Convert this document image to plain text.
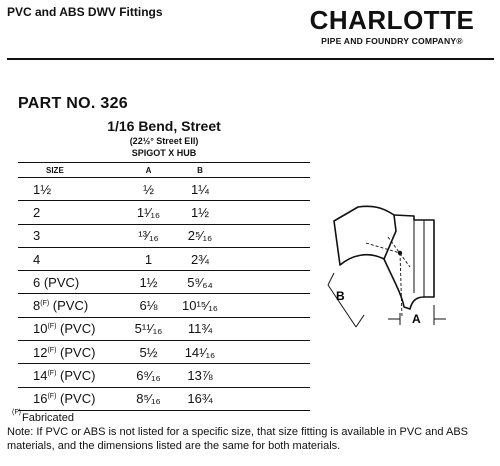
PVC and ABS DWV Fittings	CHARLOTTE
PIPE AND FOUNDRY COMPANY®
PART NO. 326
1/16 Bend, Street
(22½° Street Ell)
SPIGOT X HUB
SIZE	A	B
1½	½	1¼
2	1¹⁄₁₆	1½
3	¹³⁄₁₆	2⁵⁄₁₆
4	1	2¾
6 (PVC)	1½	5⁹⁄₆₄
$8^{(F)}$ (PVC)	6⅛	10¹⁵⁄₁₆
$10^{(F)}$ (PVC)	5¹¹⁄₁₆	11¾
$12^{(F)}$ (PVC)	5½	14¹⁄₁₆
$14^{(F)}$ (PVC)	6⁹⁄₁₆	13⅞
$16^{(F)}$ (PVC)	8⁵⁄₁₆	16¾
B
A
(F) Fabricated
Note: If PVC or ABS is not listed for a specific size, that size fitting is available in PVC and ABS materials, and the dimensions listed are the same for both materials.
